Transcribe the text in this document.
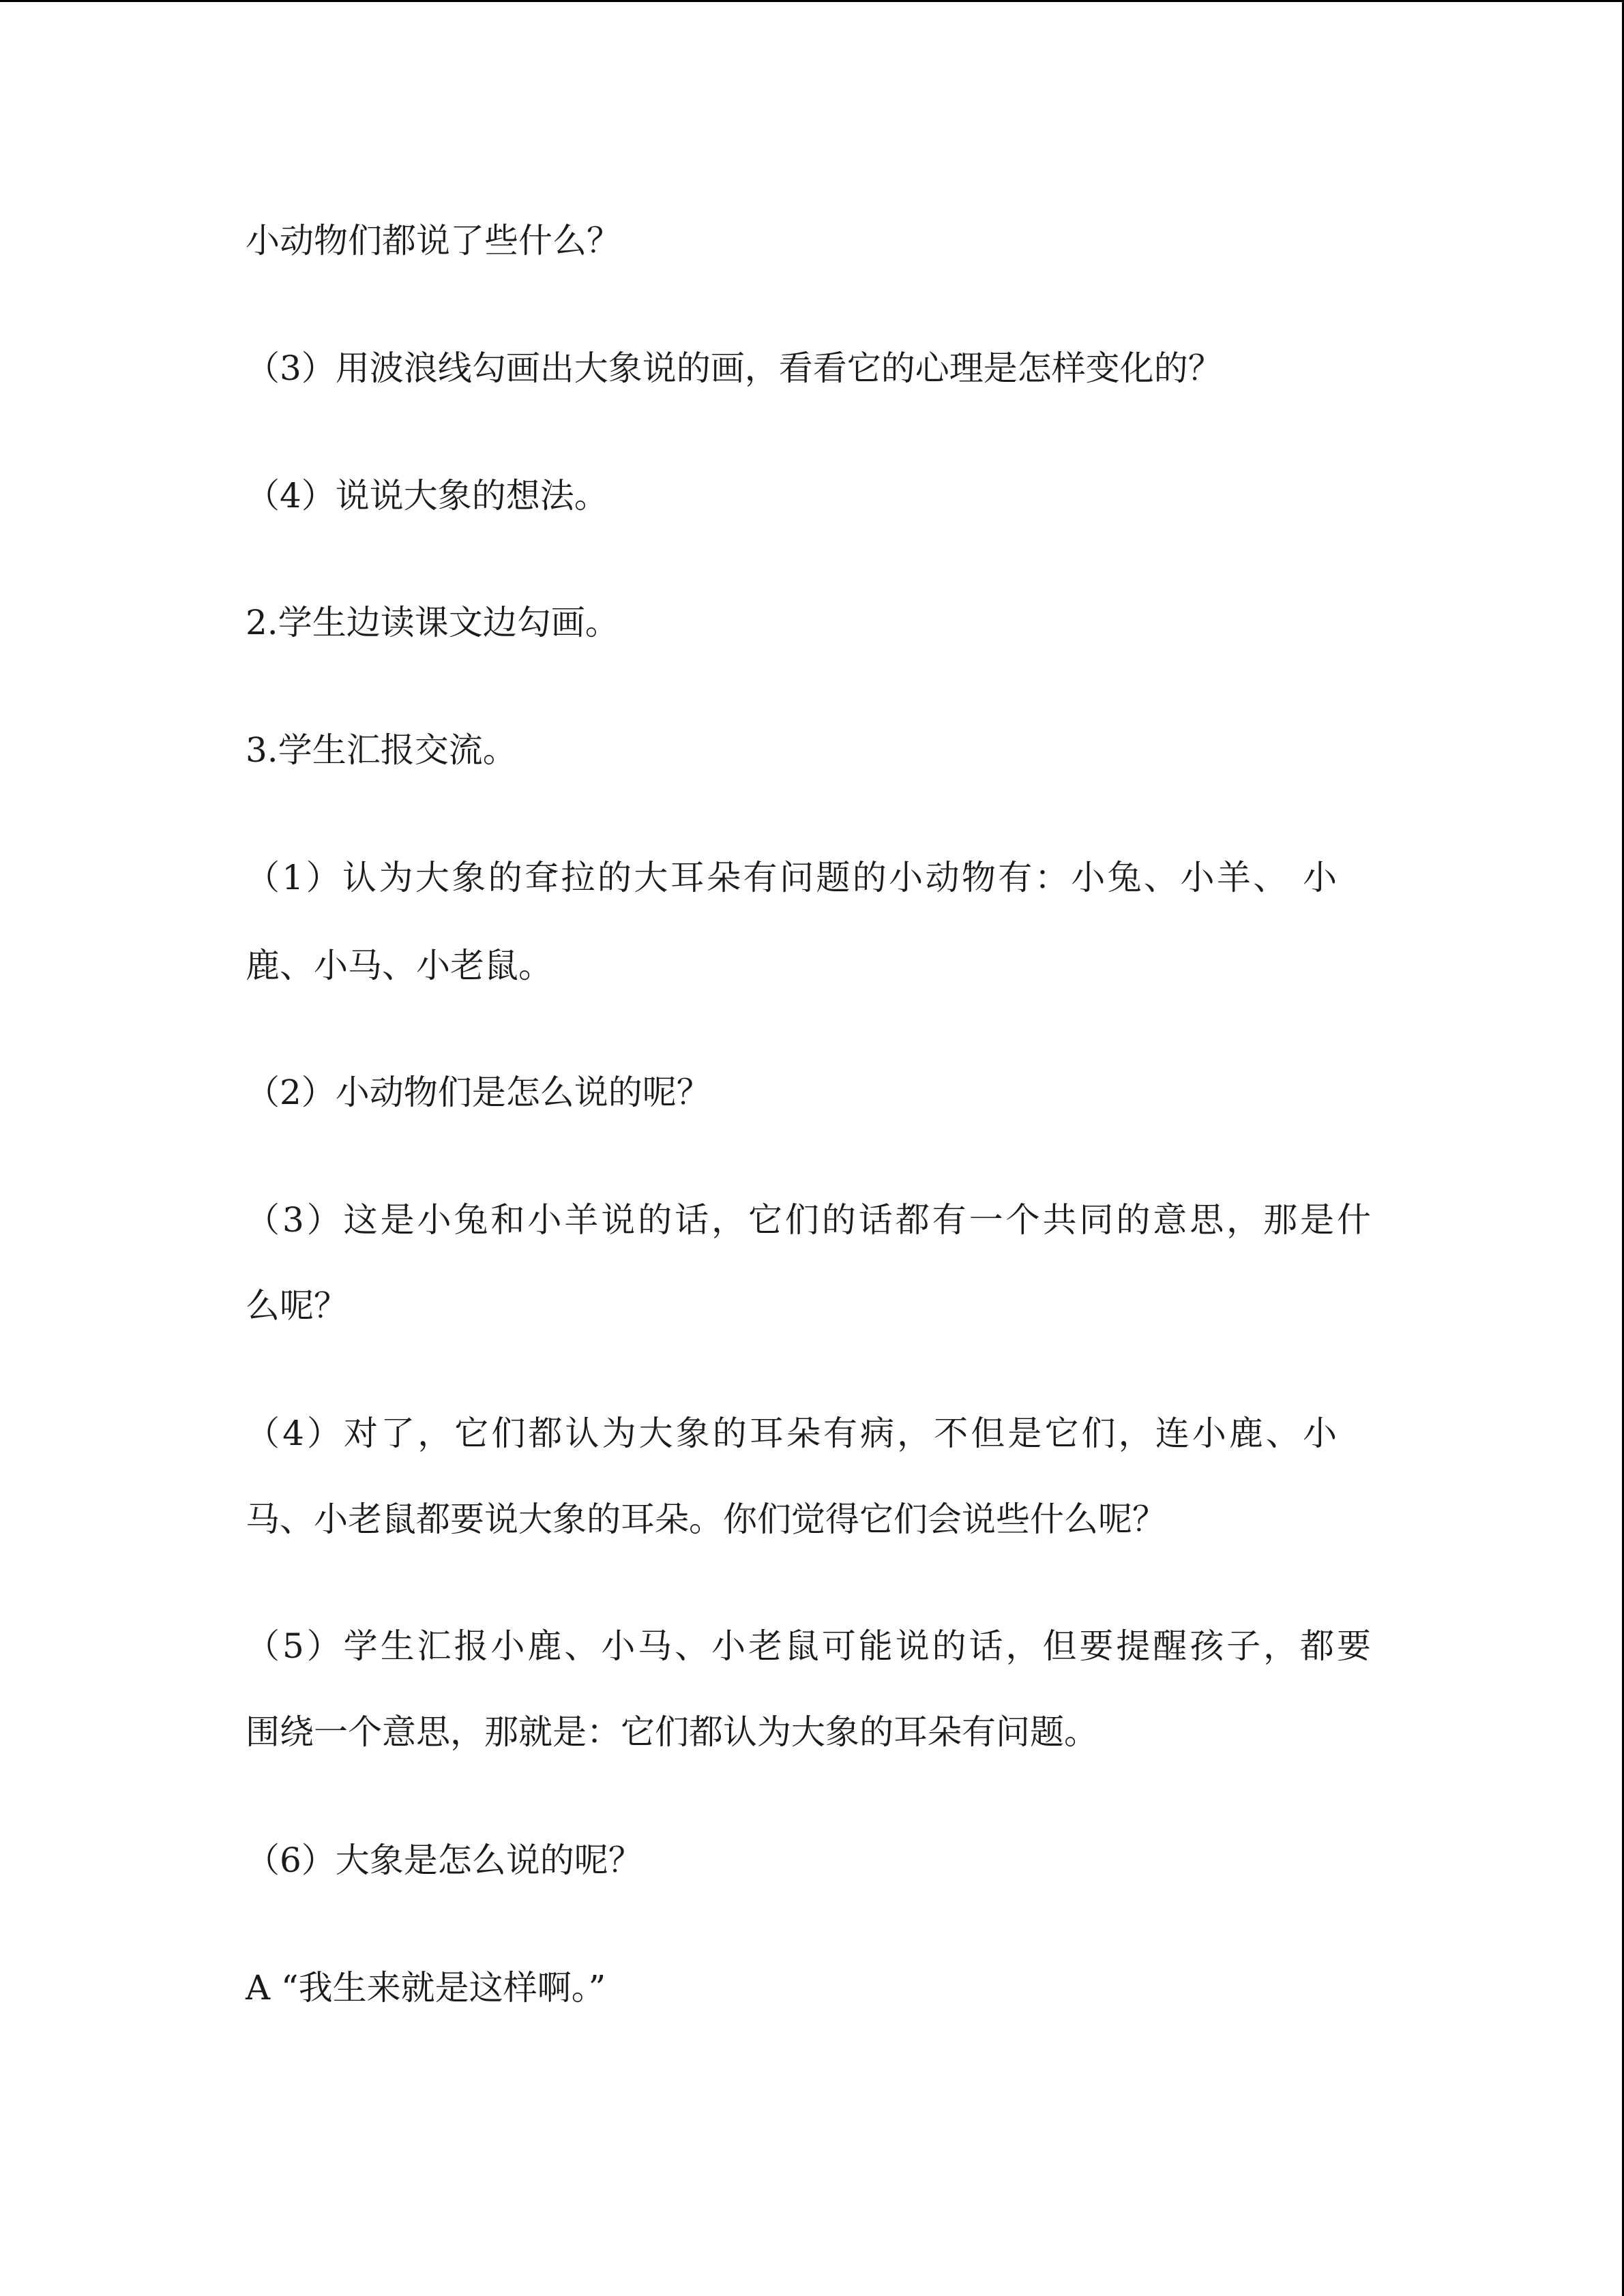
小动物们都说了些什么？
（3）用波浪线勾画出大象说的画，看看它的心理是怎样变化的？
（4）说说大象的想法。
2.学生边读课文边勾画。
3.学生汇报交流。
（1）认为大象的耷拉的大耳朵有问题的小动物有：小兔、小羊、 小
鹿、小马、小老鼠。
（2）小动物们是怎么说的呢？
（3）这是小兔和小羊说的话，它们的话都有一个共同的意思，那是什
么呢？
（4）对了，它们都认为大象的耳朵有病，不但是它们，连小鹿、小
马、小老鼠都要说大象的耳朵。你们觉得它们会说些什么呢？
（5）学生汇报小鹿、小马、小老鼠可能说的话，但要提醒孩子，都要
围绕一个意思，那就是：它们都认为大象的耳朵有问题。
（6）大象是怎么说的呢？
A “我生来就是这样啊。”
